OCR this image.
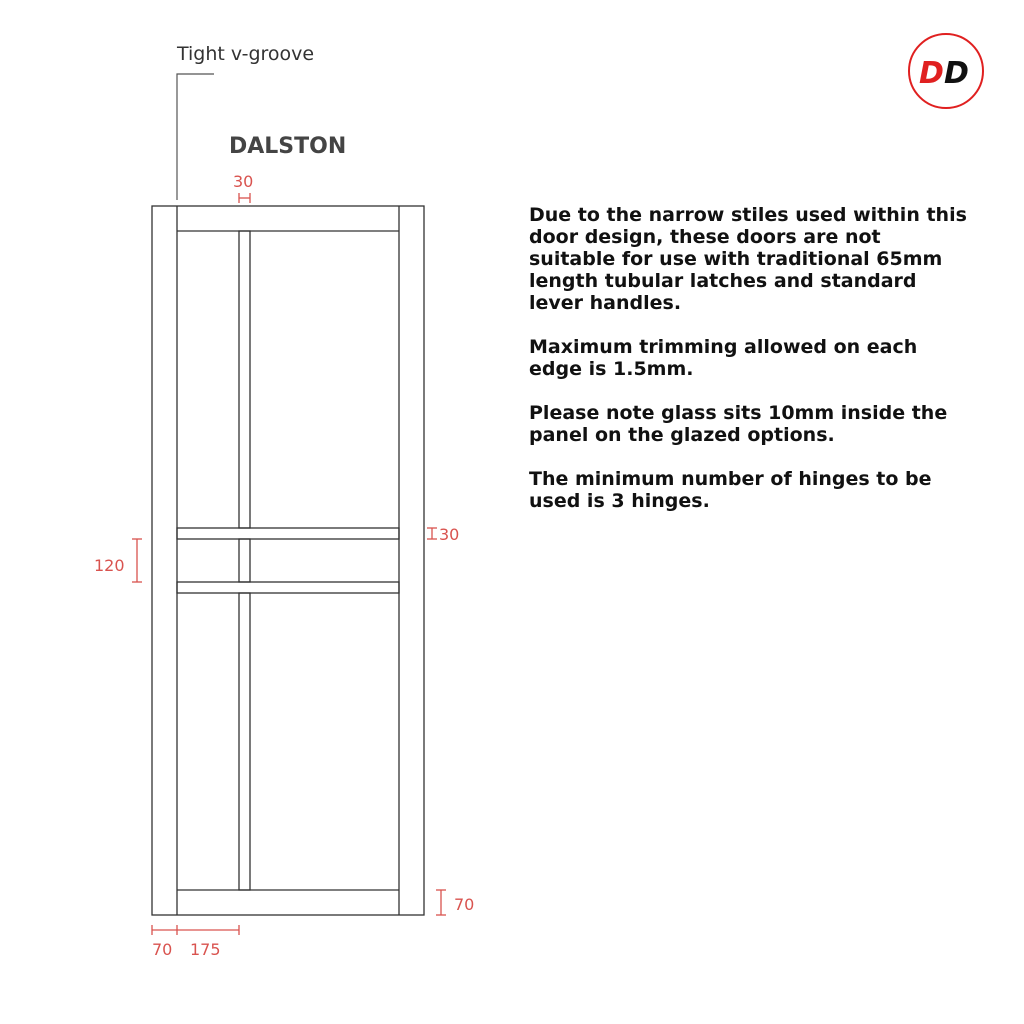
Tight v-groove
DALSTON
30
30
120
70
70 175
D D

Due to the narrow stiles used within this door design, these doors are not suitable for use with traditional 65mm length tubular latches and standard lever handles.

Maximum trimming allowed on each edge is 1.5mm.

Please note glass sits 10mm inside the panel on the glazed options.

The minimum number of hinges to be used is 3 hinges.
